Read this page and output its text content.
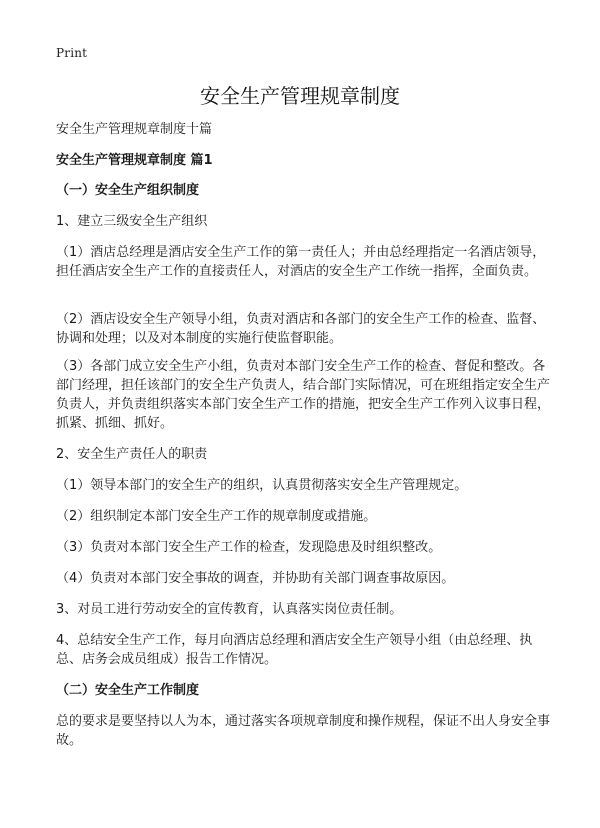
Print
安全生产管理规章制度
安全生产管理规章制度十篇
安全生产管理规章制度 篇1
（一）安全生产组织制度
1、建立三级安全生产组织
（1）酒店总经理是酒店安全生产工作的第一责任人；并由总经理指定一名酒店领导，担任酒店安全生产工作的直接责任人，对酒店的安全生产工作统一指挥，全面负责。
（2）酒店设安全生产领导小组，负责对酒店和各部门的安全生产工作的检查、监督、协调和处理；以及对本制度的实施行使监督职能。
（3）各部门成立安全生产小组，负责对本部门安全生产工作的检查、督促和整改。各部门经理，担任该部门的安全生产负责人，结合部门实际情况，可在班组指定安全生产负责人，并负责组织落实本部门安全生产工作的措施，把安全生产工作列入议事日程，抓紧、抓细、抓好。
2、安全生产责任人的职责
（1）领导本部门的安全生产的组织，认真贯彻落实安全生产管理规定。
（2）组织制定本部门安全生产工作的规章制度或措施。
（3）负责对本部门安全生产工作的检查，发现隐患及时组织整改。
（4）负责对本部门安全事故的调查，并协助有关部门调查事故原因。
3、对员工进行劳动安全的宣传教育，认真落实岗位责任制。
4、总结安全生产工作，每月向酒店总经理和酒店安全生产领导小组（由总经理、执总、店务会成员组成）报告工作情况。
（二）安全生产工作制度
总的要求是要坚持以人为本，通过落实各项规章制度和操作规程，保证不出人身安全事故。
